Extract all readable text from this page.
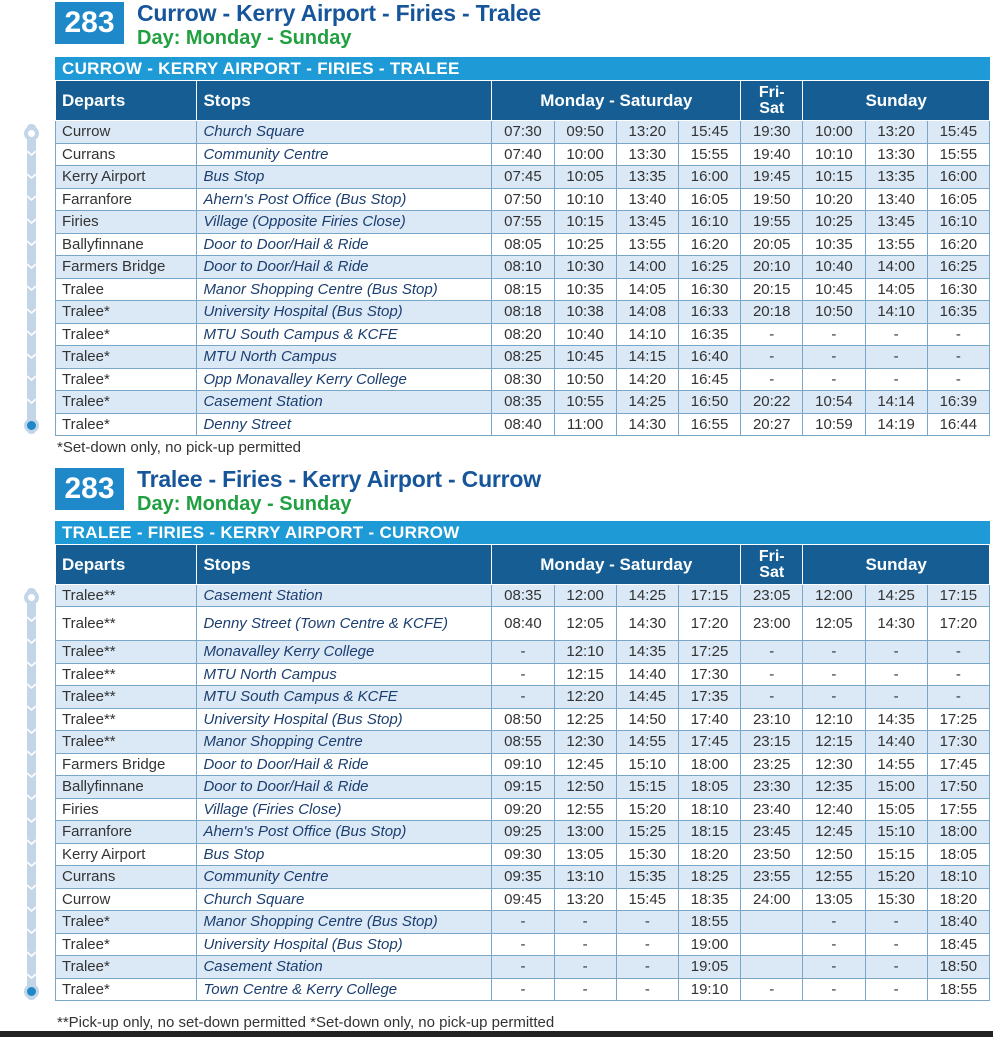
283 Currow - Kerry Airport - Firies - Tralee
Day: Monday - Sunday
CURROW - KERRY AIRPORT - FIRIES - TRALEE
Departs	Stops	Monday - Saturday				Fri-
Sat	Sunday		
Currow	Church Square	07:30	09:50	13:20	15:45	19:30	10:00	13:20	15:45
Currans	Community Centre	07:40	10:00	13:30	15:55	19:40	10:10	13:30	15:55
Kerry Airport	Bus Stop	07:45	10:05	13:35	16:00	19:45	10:15	13:35	16:00
Farranfore	Ahern's Post Office (Bus Stop)	07:50	10:10	13:40	16:05	19:50	10:20	13:40	16:05
Firies	Village (Opposite Firies Close)	07:55	10:15	13:45	16:10	19:55	10:25	13:45	16:10
Ballyfinnane	Door to Door/Hail & Ride	08:05	10:25	13:55	16:20	20:05	10:35	13:55	16:20
Farmers Bridge	Door to Door/Hail & Ride	08:10	10:30	14:00	16:25	20:10	10:40	14:00	16:25
Tralee	Manor Shopping Centre (Bus Stop)	08:15	10:35	14:05	16:30	20:15	10:45	14:05	16:30
Tralee*	University Hospital (Bus Stop)	08:18	10:38	14:08	16:33	20:18	10:50	14:10	16:35
Tralee*	MTU South Campus & KCFE	08:20	10:40	14:10	16:35	-	-	-	-
Tralee*	MTU North Campus	08:25	10:45	14:15	16:40	-	-	-	-
Tralee*	Opp Monavalley Kerry College	08:30	10:50	14:20	16:45	-	-	-	-
Tralee*	Casement Station	08:35	10:55	14:25	16:50	20:22	10:54	14:14	16:39
Tralee*	Denny Street	08:40	11:00	14:30	16:55	20:27	10:59	14:19	16:44
*Set-down only, no pick-up permitted
283 Tralee - Firies - Kerry Airport - Currow
Day: Monday - Sunday
TRALEE - FIRIES - KERRY AIRPORT - CURROW
Departs	Stops	Monday - Saturday				Fri-
Sat	Sunday		
Tralee**	Casement Station	08:35	12:00	14:25	17:15	23:05	12:00	14:25	17:15
Tralee**	Denny Street (Town Centre & KCFE)	08:40	12:05	14:30	17:20	23:00	12:05	14:30	17:20
Tralee**	Monavalley Kerry College	-	12:10	14:35	17:25	-	-	-	-
Tralee**	MTU North Campus	-	12:15	14:40	17:30	-	-	-	-
Tralee**	MTU South Campus & KCFE	-	12:20	14:45	17:35	-	-	-	-
Tralee**	University Hospital (Bus Stop)	08:50	12:25	14:50	17:40	23:10	12:10	14:35	17:25
Tralee**	Manor Shopping Centre	08:55	12:30	14:55	17:45	23:15	12:15	14:40	17:30
Farmers Bridge	Door to Door/Hail & Ride	09:10	12:45	15:10	18:00	23:25	12:30	14:55	17:45
Ballyfinnane	Door to Door/Hail & Ride	09:15	12:50	15:15	18:05	23:30	12:35	15:00	17:50
Firies	Village (Firies Close)	09:20	12:55	15:20	18:10	23:40	12:40	15:05	17:55
Farranfore	Ahern's Post Office (Bus Stop)	09:25	13:00	15:25	18:15	23:45	12:45	15:10	18:00
Kerry Airport	Bus Stop	09:30	13:05	15:30	18:20	23:50	12:50	15:15	18:05
Currans	Community Centre	09:35	13:10	15:35	18:25	23:55	12:55	15:20	18:10
Currow	Church Square	09:45	13:20	15:45	18:35	24:00	13:05	15:30	18:20
Tralee*	Manor Shopping Centre (Bus Stop)	-	-	-	18:55		-	-	18:40
Tralee*	University Hospital (Bus Stop)	-	-	-	19:00		-	-	18:45
Tralee*	Casement Station	-	-	-	19:05		-	-	18:50
Tralee*	Town Centre & Kerry College	-	-	-	19:10	-	-	-	18:55
**Pick-up only, no set-down permitted *Set-down only, no pick-up permitted
